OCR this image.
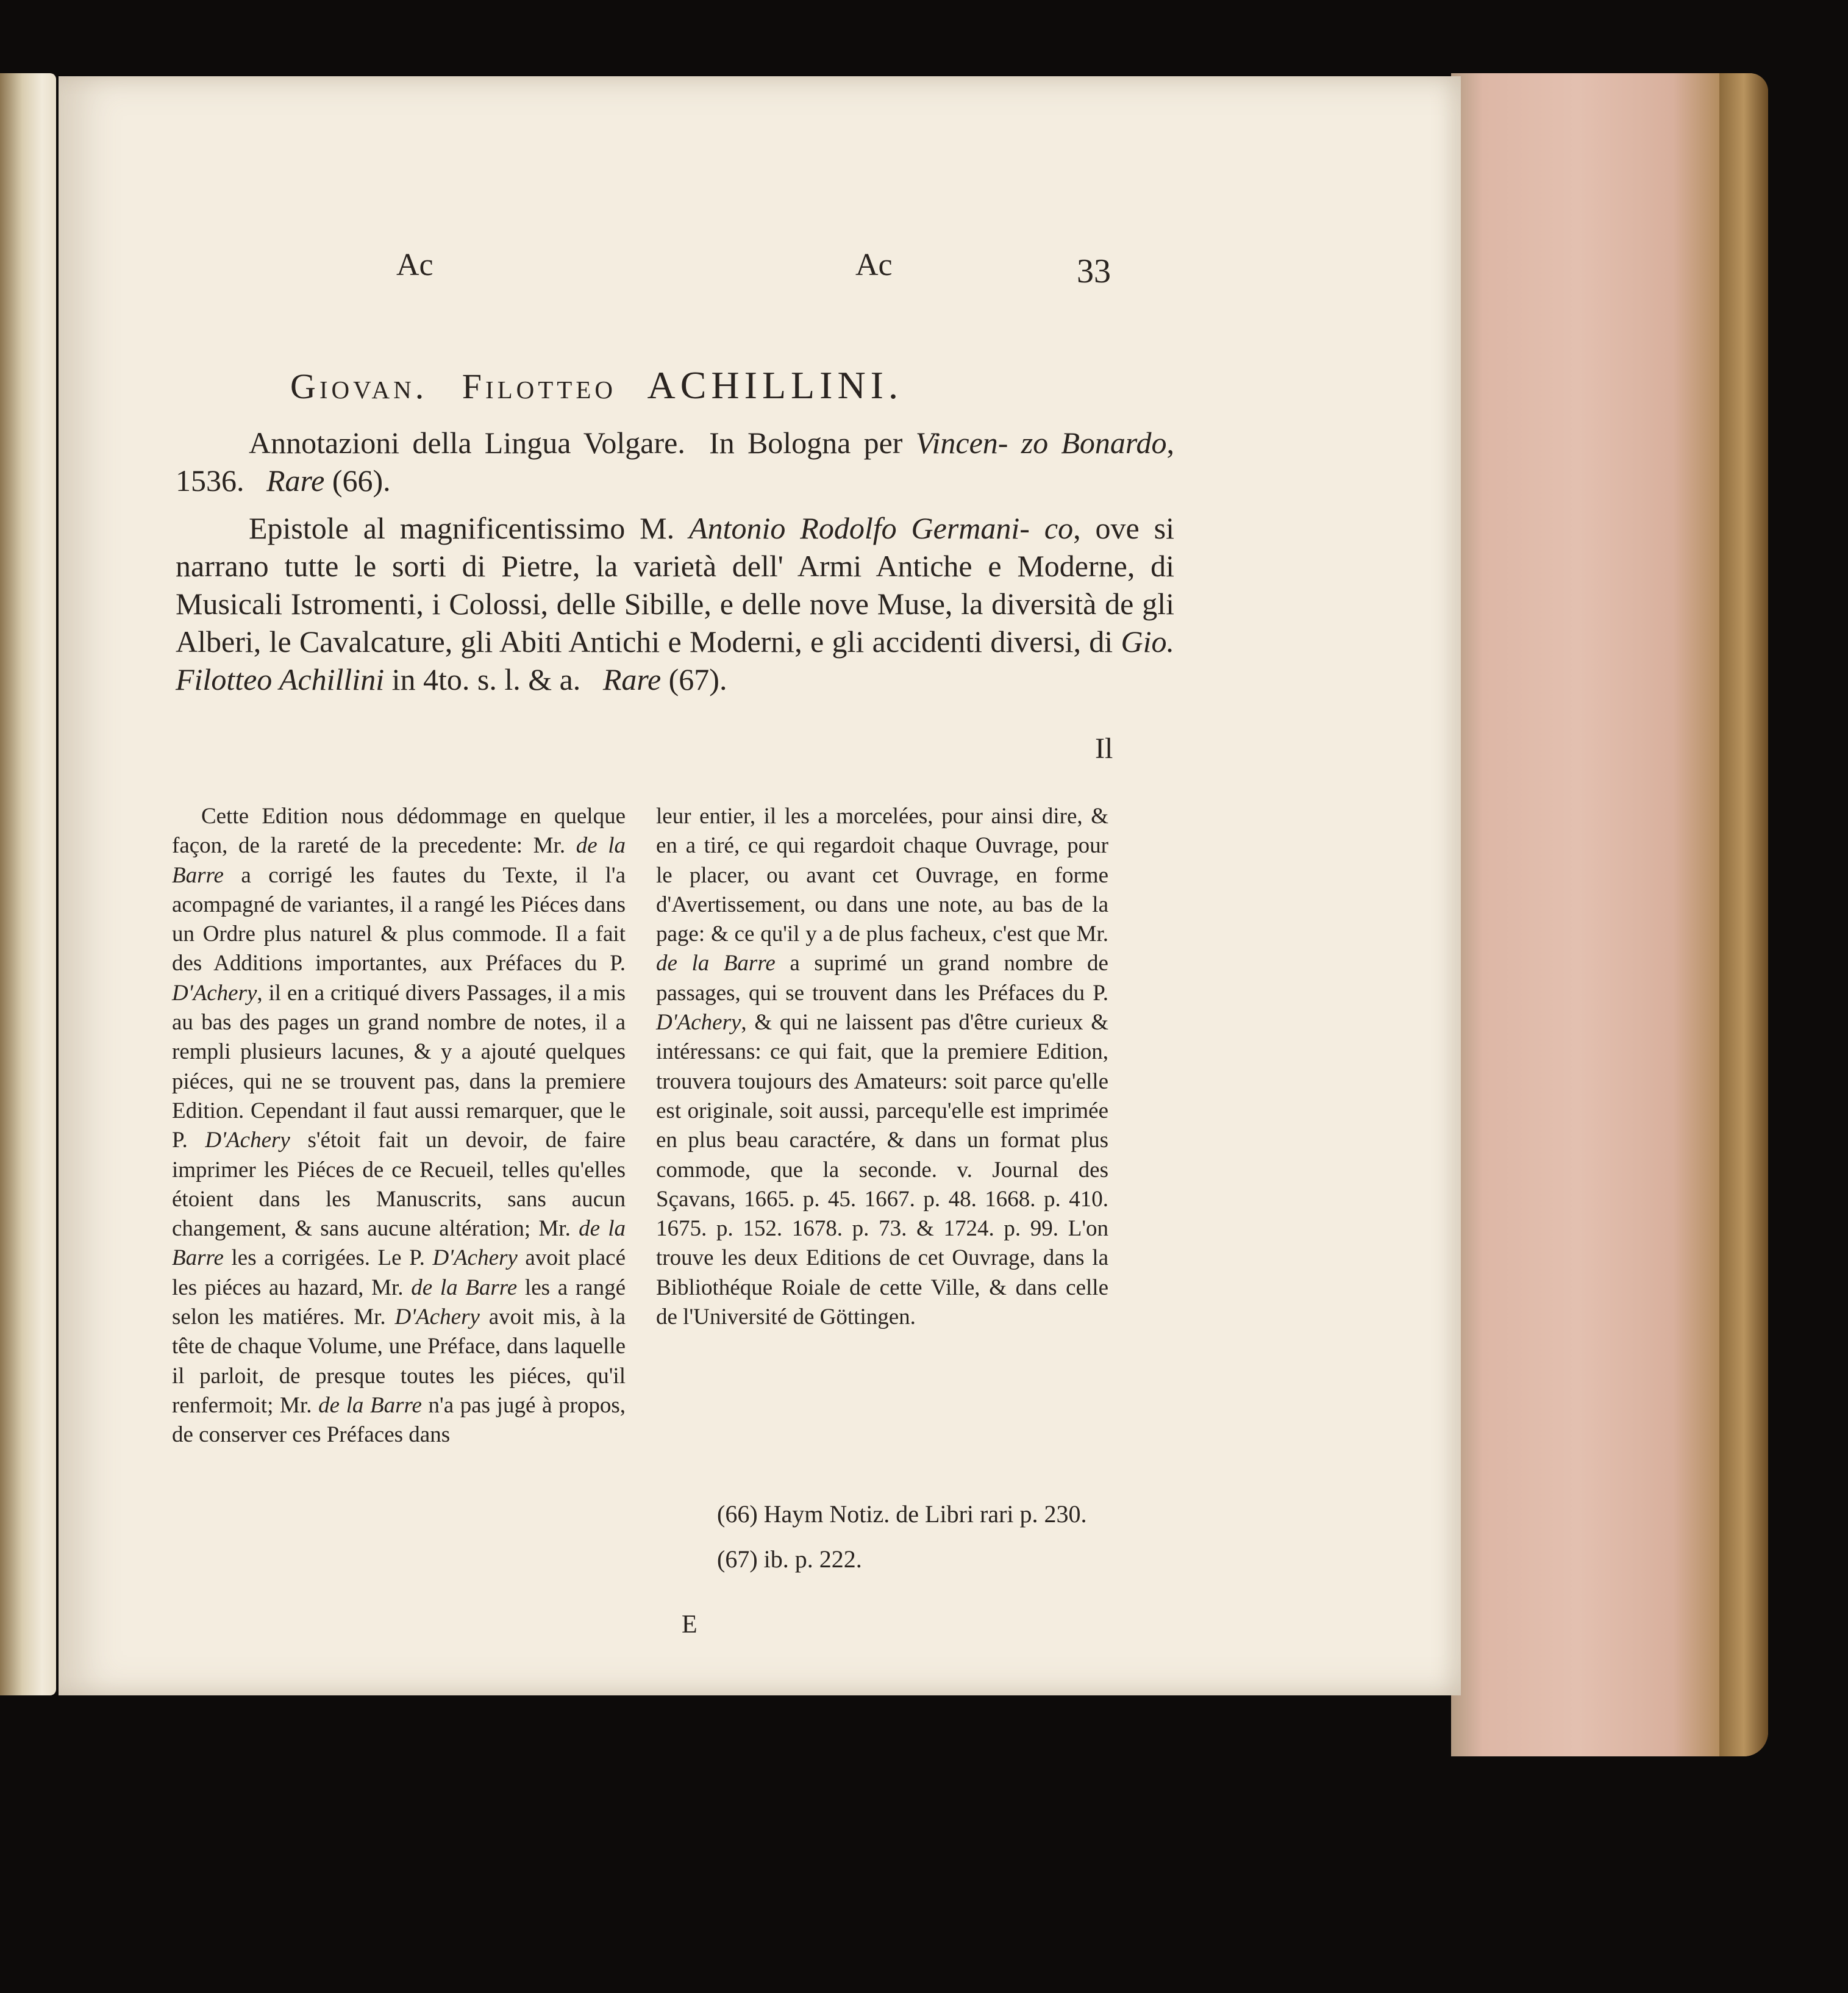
Ac	Ac	33
Giovan. Filotteo ACHILLINI.

Annotazioni della Lingua Volgare. In Bologna per Vincen- zo Bonardo, 1536. Rare (66).

Epistole al magnificentissimo M. Antonio Rodolfo Germani- co, ove si narrano tutte le sorti di Pietre, la varietà dell' Armi Antiche e Moderne, di Musicali Istromenti, i Colossi, delle Sibille, e delle nove Muse, la diversità de gli Alberi, le Cavalcature, gli Abiti Antichi e Moderni, e gli accidenti diversi, di Gio. Filotteo Achillini in 4to. s. l. & a. Rare (67).

Il

Cette Edition nous dédommage en quelque façon, de la rareté de la precedente: Mr. de la Barre a corrigé les fautes du Texte, il l'a acompagné de variantes, il a rangé les Piéces dans un Ordre plus naturel & plus commode. Il a fait des Additions importantes, aux Préfaces du P. D'Achery, il en a critiqué divers Passages, il a mis au bas des pages un grand nombre de notes, il a rempli plusieurs lacunes, & y a ajouté quelques piéces, qui ne se trouvent pas, dans la premiere Edition. Cependant il faut aussi remarquer, que le P. D'Achery s'étoit fait un devoir, de faire imprimer les Piéces de ce Recueil, telles qu'elles étoient dans les Manuscrits, sans aucun changement, & sans aucune altération; Mr. de la Barre les a corrigées. Le P. D'Achery avoit placé les piéces au hazard, Mr. de la Barre les a rangé selon les matiéres. Mr. D'Achery avoit mis, à la tête de chaque Volume, une Préface, dans laquelle il parloit, de presque toutes les piéces, qu'il renfermoit; Mr. de la Barre n'a pas jugé à propos, de conserver ces Préfaces dans

leur entier, il les a morcelées, pour ainsi dire, & en a tiré, ce qui regardoit chaque Ouvrage, pour le placer, ou avant cet Ouvrage, en forme d'Avertissement, ou dans une note, au bas de la page: & ce qu'il y a de plus facheux, c'est que Mr. de la Barre a suprimé un grand nombre de passages, qui se trouvent dans les Préfaces du P. D'Achery, & qui ne laissent pas d'être curieux & intéressans: ce qui fait, que la premiere Edition, trouvera toujours des Amateurs: soit parce qu'elle est originale, soit aussi, parcequ'elle est imprimée en plus beau caractére, & dans un format plus commode, que la seconde. v. Journal des Sçavans, 1665. p. 45. 1667. p. 48. 1668. p. 410. 1675. p. 152. 1678. p. 73. & 1724. p. 99. L'on trouve les deux Editions de cet Ouvrage, dans la Bibliothéque Roiale de cette Ville, & dans celle de l'Université de Göttingen.

(66) Haym Notiz. de Libri rari p. 230.

(67) ib. p. 222.

E
